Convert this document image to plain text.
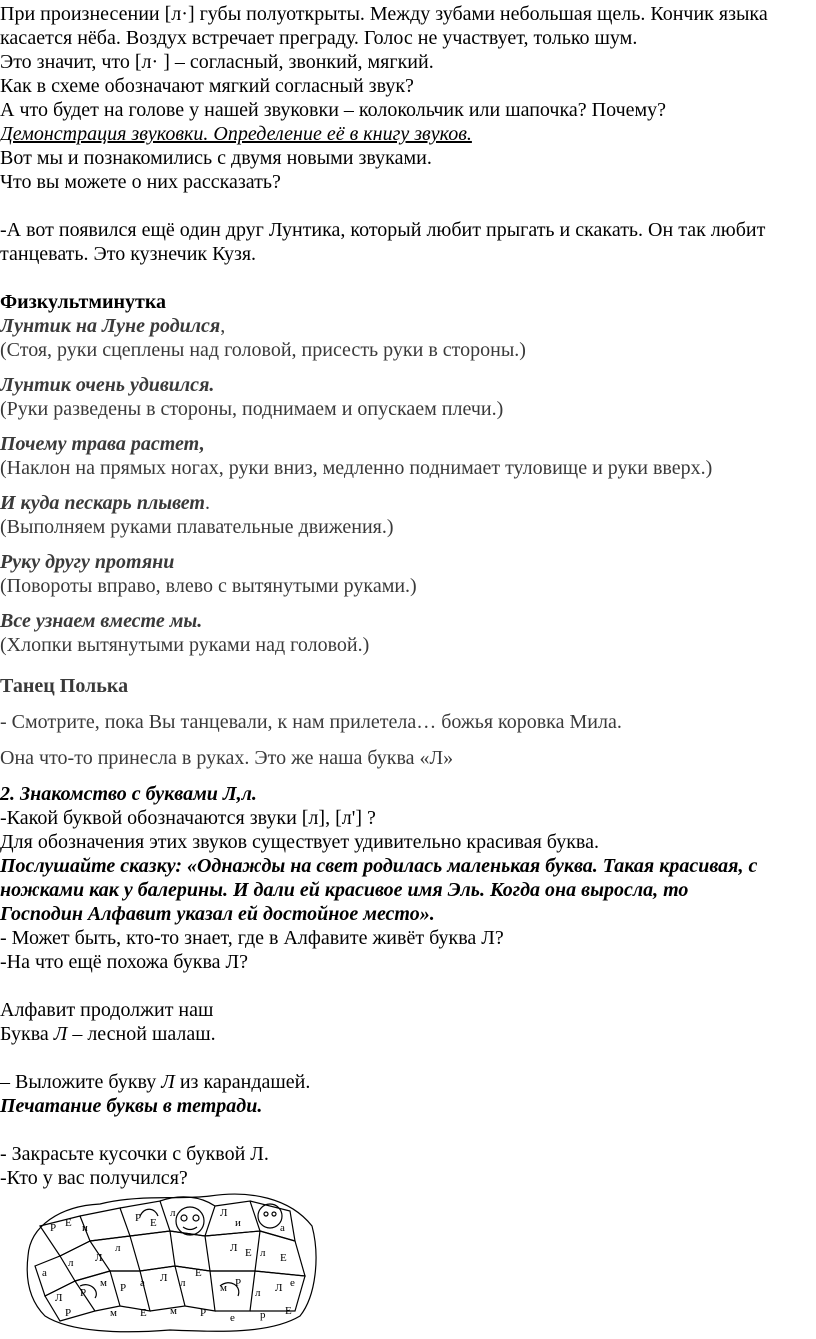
При произнесении [л·] губы полуоткрыты. Между зубами небольшая щель. Кончик языка
касается нёба. Воздух встречает преграду. Голос не участвует, только шум.
Это значит, что [л· ] – согласный, звонкий, мягкий.
Как в схеме обозначают мягкий согласный звук?
А что будет на голове у нашей звуковки – колокольчик или шапочка? Почему?
Демонстрация звуковки. Определение её в книгу звуков.
Вот мы и познакомились с двумя новыми звуками.
Что вы можете о них рассказать?
-А вот появился ещё один друг Лунтика, который любит прыгать и скакать. Он так любит
танцевать. Это кузнечик Кузя.
Физкультминутка
Лунтик на Луне родился,
(Стоя, руки сцеплены над головой, присесть руки в стороны.)
Лунтик очень удивился.
(Руки разведены в стороны, поднимаем и опускаем плечи.)
Почему трава растет,
(Наклон на прямых ногах, руки вниз, медленно поднимает туловище и руки вверх.)
И куда пескарь плывет.
(Выполняем руками плавательные движения.)
Руку другу протяни
(Повороты вправо, влево с вытянутыми руками.)
Все узнаем вместе мы.
(Хлопки вытянутыми руками над головой.)
Танец Полька
- Смотрите, пока Вы танцевали, к нам прилетела… божья коровка Мила.
Она что-то принесла в руках. Это же наша буква «Л»
2. Знакомство с буквами Л,л.
-Какой буквой обозначаются звуки [л], [л'] ?
Для обозначения этих звуков существует удивительно красивая буква.
Послушайте сказку: «Однажды на свет родилась маленькая буква. Такая красивая, с
ножками как у балерины. И дали ей красивое имя Эль. Когда она выросла, то
Господин Алфавит указал ей достойное место».
- Может быть, кто-то знает, где в Алфавите живёт буква Л?
-На что ещё похожа буква Л?
Алфавит продолжит наш
Буква Л – лесной шалаш.
– Выложите букву Л из карандашей.
Печатание буквы в тетради.
- Закрасьте кусочки с буквой Л.
-Кто у вас получился?
Р Е и
а
л Л
л
Р Е
л	Л
и
Е
а
Л л Е
Л Р
м Р а Л л
Е
м Р
л Л е
Р	м Е м Р е р Е
